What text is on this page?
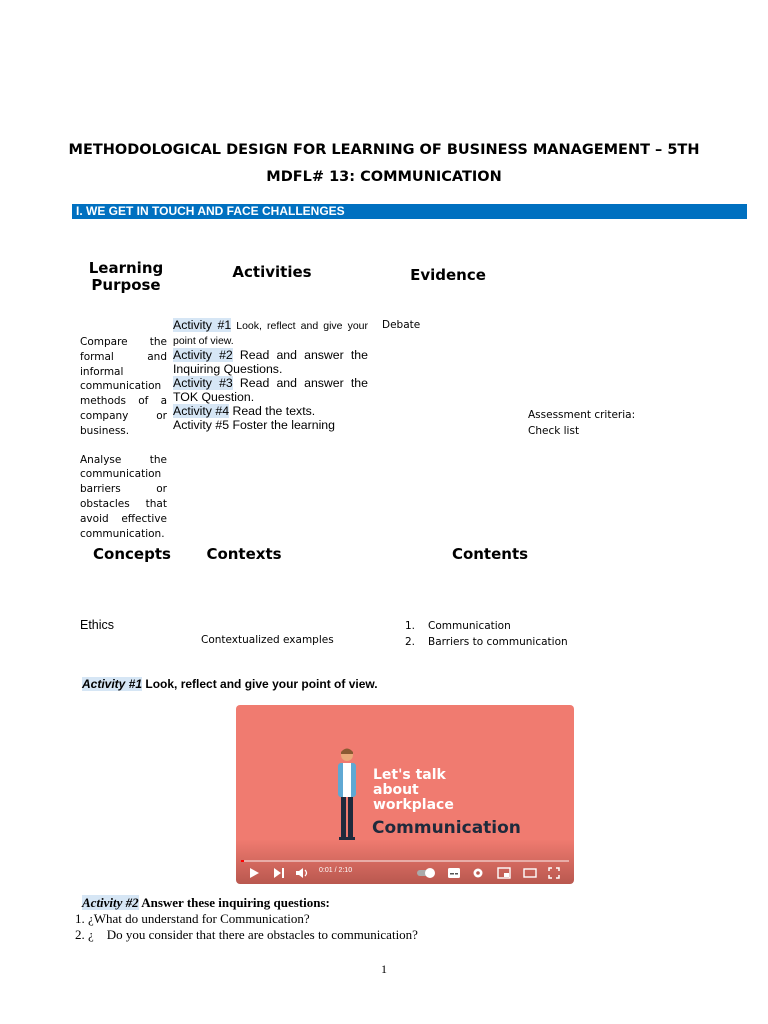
METHODOLOGICAL DESIGN FOR LEARNING OF BUSINESS MANAGEMENT – 5TH
MDFL# 13: COMMUNICATION
I. WE GET IN TOUCH AND FACE CHALLENGES
Learning
Purpose
Activities	Evidence

Compare the formal and informal communication methods of a company or business.

Analyse the communication barriers or obstacles that avoid effective communication.

Activity #1 Look, reflect and give your point of view.
Activity #2 Read and answer the Inquiring Questions.
Activity #3 Read and answer the TOK Question.
Activity #4 Read the texts.
Activity #5 Foster the learning
Debate
Assessment criteria:
Check list
Concepts Contexts	Contents
Ethics
Contextualized examples
1. Communication
2. Barriers to communication
Activity #1 Look, reflect and give your point of view.
Let's talk
about
workplace
Communication
0:01 / 2:10
Activity #2 Answer these inquiring questions:
1. ¿What do understand for Communication?
2. ¿    Do you consider that there are obstacles to communication?
1
